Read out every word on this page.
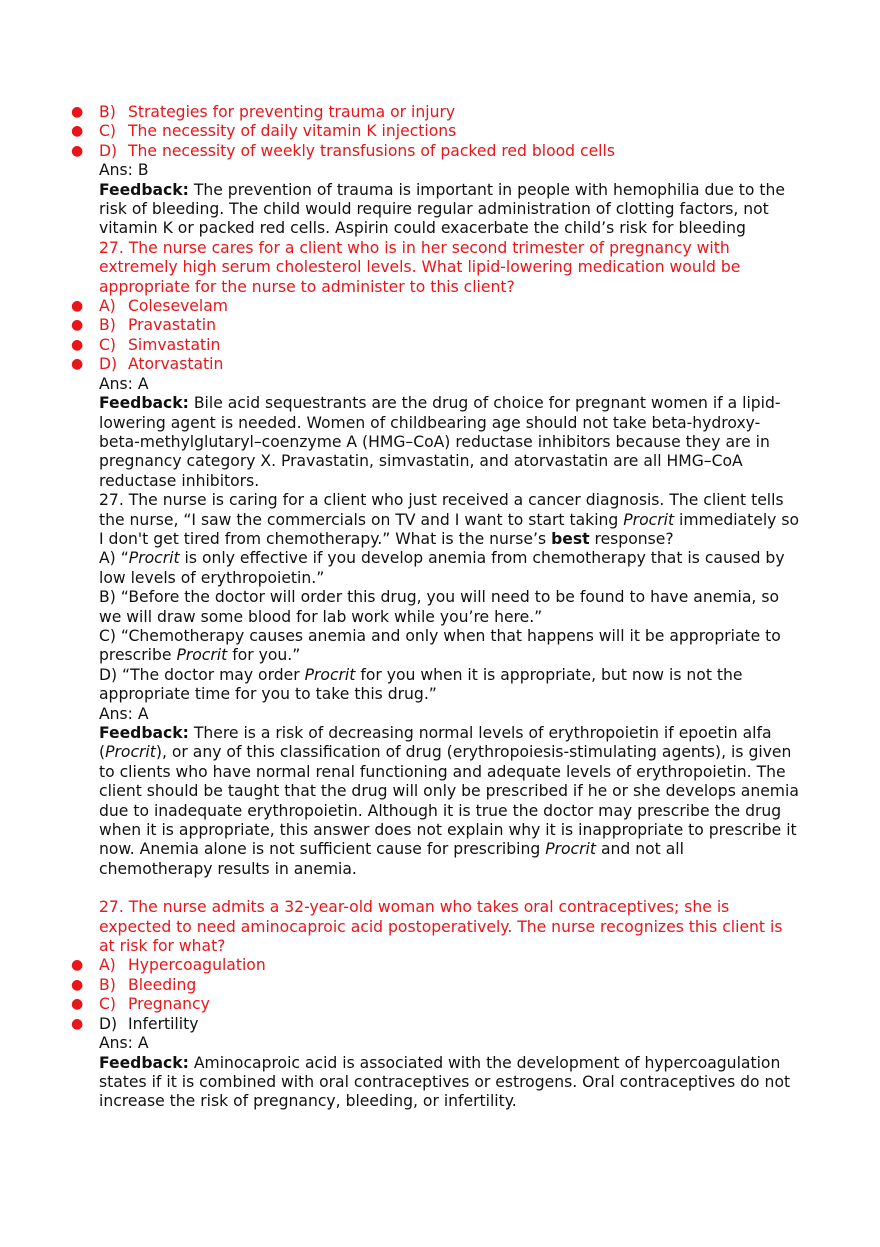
● B) Strategies for preventing trauma or injury
● C) The necessity of daily vitamin K injections
● D) The necessity of weekly transfusions of packed red blood cells

Ans: B

Feedback: The prevention of trauma is important in people with hemophilia due to the risk of bleeding. The child would require regular administration of clotting factors, not vitamin K or packed red cells. Aspirin could exacerbate the child’s risk for bleeding

27. The nurse cares for a client who is in her second trimester of pregnancy with extremely high serum cholesterol levels. What lipid-lowering medication would be appropriate for the nurse to administer to this client?

● A) Colesevelam
● B) Pravastatin
● C) Simvastatin
● D) Atorvastatin

Ans: A

Feedback: Bile acid sequestrants are the drug of choice for pregnant women if a lipid-lowering agent is needed. Women of childbearing age should not take beta-hydroxy-beta-methylglutaryl–coenzyme A (HMG–CoA) reductase inhibitors because they are in pregnancy category X. Pravastatin, simvastatin, and atorvastatin are all HMG–CoA reductase inhibitors.

27. The nurse is caring for a client who just received a cancer diagnosis. The client tells the nurse, “I saw the commercials on TV and I want to start taking Procrit immediately so I don't get tired from chemotherapy.” What is the nurse’s best response?

A) “Procrit is only effective if you develop anemia from chemotherapy that is caused by low levels of erythropoietin.”

B) “Before the doctor will order this drug, you will need to be found to have anemia, so we will draw some blood for lab work while you’re here.”

C) “Chemotherapy causes anemia and only when that happens will it be appropriate to prescribe Procrit for you.”

D) “The doctor may order Procrit for you when it is appropriate, but now is not the appropriate time for you to take this drug.”

Ans: A

Feedback: There is a risk of decreasing normal levels of erythropoietin if epoetin alfa (Procrit), or any of this classification of drug (erythropoiesis-stimulating agents), is given to clients who have normal renal functioning and adequate levels of erythropoietin. The client should be taught that the drug will only be prescribed if he or she develops anemia due to inadequate erythropoietin. Although it is true the doctor may prescribe the drug when it is appropriate, this answer does not explain why it is inappropriate to prescribe it now. Anemia alone is not sufficient cause for prescribing Procrit and not all chemotherapy results in anemia.

27. The nurse admits a 32-year-old woman who takes oral contraceptives; she is expected to need aminocaproic acid postoperatively. The nurse recognizes this client is at risk for what?

● A) Hypercoagulation
● B) Bleeding
● C) Pregnancy
● D) Infertility

Ans: A

Feedback: Aminocaproic acid is associated with the development of hypercoagulation states if it is combined with oral contraceptives or estrogens. Oral contraceptives do not increase the risk of pregnancy, bleeding, or infertility.
